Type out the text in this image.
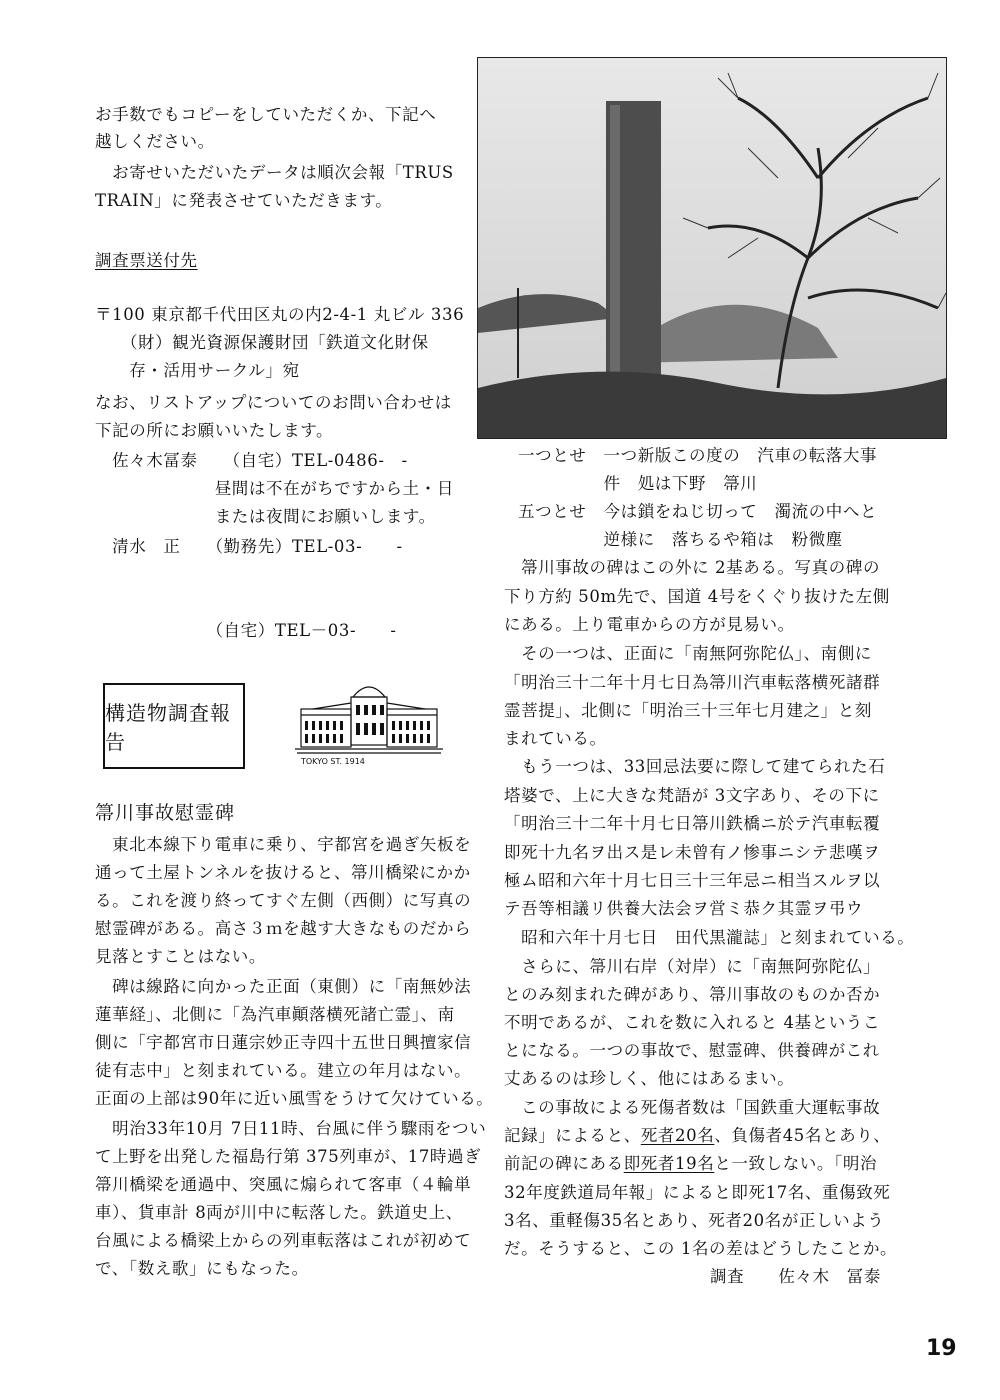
お手数でもコピーをしていただくか、下記へ
越しください。
　お寄せいただいたデータは順次会報「TRUS
TRAIN」に発表させていただきます。
調査票送付先
〒100 東京都千代田区丸の内2-4-1 丸ビル 336
　　（財）観光資源保護財団「鉄道文化財保
　　存・活用サークル」宛
なお、リストアップについてのお問い合わせは
下記の所にお願いいたします。
　佐々木冨泰　　（自宅）TEL-0486-　-
　　　　　　　昼間は不在がちですから土・日
　　　　　　　または夜間にお願いします。
　清水　正　　（勤務先）TEL-03-　　-
　　　　　　　（自宅）TEL－03-　　-
構造物調査報告
TOKYO ST. 1914
箒川事故慰霊碑
　東北本線下り電車に乗り、宇都宮を過ぎ矢板を
通って土屋トンネルを抜けると、箒川橋梁にかか
る。これを渡り終ってすぐ左側（西側）に写真の
慰霊碑がある。高さ３ｍを越す大きなものだから
見落とすことはない。
　碑は線路に向かった正面（東側）に「南無妙法
蓮華経」、北側に「為汽車顚落横死諸亡霊」、南
側に「宇都宮市日蓮宗妙正寺四十五世日興擅家信
徒有志中」と刻まれている。建立の年月はない。
正面の上部は90年に近い風雪をうけて欠けている。
　明治33年10月 7日11時、台風に伴う驟雨をつい
て上野を出発した福島行第 375列車が、17時過ぎ
箒川橋梁を通過中、突風に煽られて客車（４輪単
車）、貨車計 8両が川中に転落した。鉄道史上、
台風による橋梁上からの列車転落はこれが初めて
で、「数え歌」にもなった。
一つとせ　一つ新版この度の　汽車の転落大事
　　　　　件　処は下野　箒川
五つとせ　今は鎖をねじ切って　濁流の中へと
　　　　　逆様に　落ちるや箱は　粉微塵
　箒川事故の碑はこの外に 2基ある。写真の碑の
下り方約 50m先で、国道 4号をくぐり抜けた左側
にある。上り電車からの方が見易い。
　その一つは、正面に「南無阿弥陀仏」、南側に
「明治三十二年十月七日為箒川汽車転落横死諸群
霊菩提」、北側に「明治三十三年七月建之」と刻
まれている。
　もう一つは、33回忌法要に際して建てられた石
塔婆で、上に大きな梵語が 3文字あり、その下に
「明治三十二年十月七日箒川鉄橋ニ於テ汽車転覆
即死十九名ヲ出ス是レ未曾有ノ惨事ニシテ悲嘆ヲ
極ム昭和六年十月七日三十三年忌ニ相当スルヲ以
テ吾等相議リ供養大法会ヲ営ミ恭ク其霊ヲ弔ウ
　昭和六年十月七日　田代黒瀧誌」と刻まれている。
　さらに、箒川右岸（対岸）に「南無阿弥陀仏」
とのみ刻まれた碑があり、箒川事故のものか否か
不明であるが、これを数に入れると 4基というこ
とになる。一つの事故で、慰霊碑、供養碑がこれ
丈あるのは珍しく、他にはあるまい。
　この事故による死傷者数は「国鉄重大運転事故
記録」によると、死者20名、負傷者45名とあり、
前記の碑にある即死者19名と一致しない。「明治
32年度鉄道局年報」によると即死17名、重傷致死
3名、重軽傷35名とあり、死者20名が正しいよう
だ。そうすると、この 1名の差はどうしたことか。
調査　　佐々木　冨泰
19
